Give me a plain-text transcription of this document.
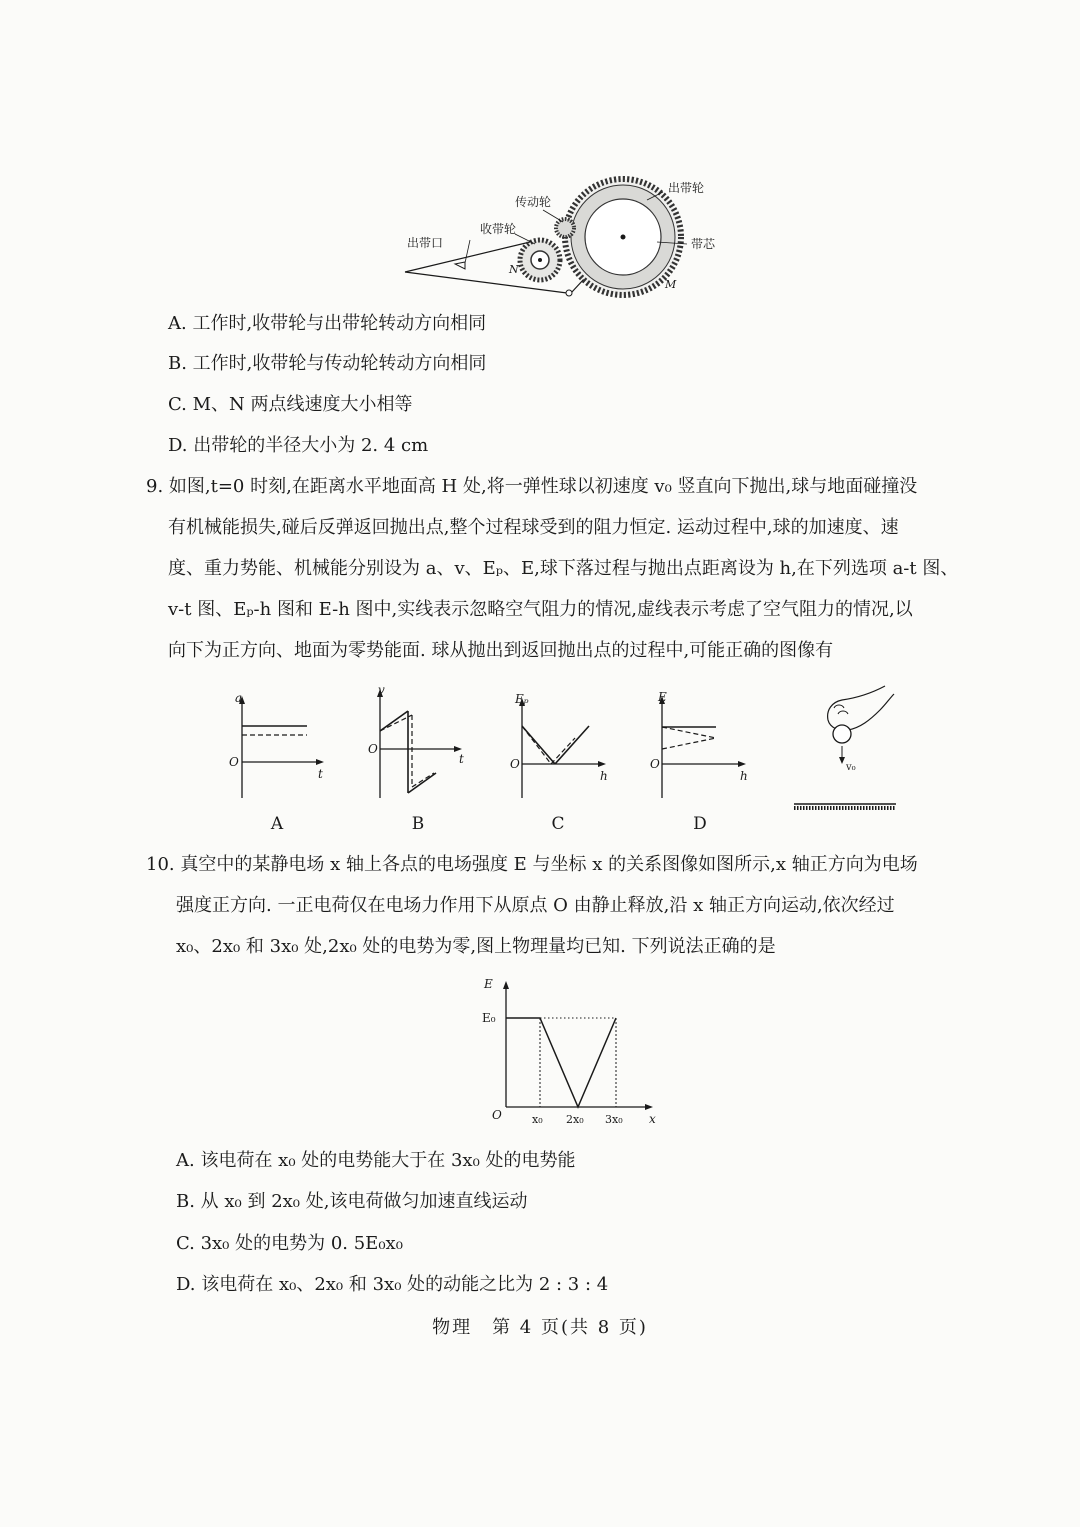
出带轮
传动轮
收带轮
出带口	带芯
N
M
A. 工作时,收带轮与出带轮转动方向相同
B. 工作时,收带轮与传动轮转动方向相同
C. M、N 两点线速度大小相等
D. 出带轮的半径大小为 2. 4 cm
9. 如图,t=0 时刻,在距离水平地面高 H 处,将一弹性球以初速度 v₀ 竖直向下抛出,球与地面碰撞没
有机械能损失,碰后反弹返回抛出点,整个过程球受到的阻力恒定. 运动过程中,球的加速度、速
度、重力势能、机械能分别设为 a、v、Eₚ、E,球下落过程与抛出点距离设为 h,在下列选项 a-t 图、
v-t 图、Eₚ-h 图和 E-h 图中,实线表示忽略空气阻力的情况,虚线表示考虑了空气阻力的情况,以
向下为正方向、地面为零势能面. 球从抛出到返回抛出点的过程中,可能正确的图像有
a
t
O
A
v
t
O
B
Eₚ
h
O
C
E
h
O
D
v₀
10. 真空中的某静电场 x 轴上各点的电场强度 E 与坐标 x 的关系图像如图所示,x 轴正方向为电场
强度正方向. 一正电荷仅在电场力作用下从原点 O 由静止释放,沿 x 轴正方向运动,依次经过
x₀、2x₀ 和 3x₀ 处,2x₀ 处的电势为零,图上物理量均已知. 下列说法正确的是
E
E₀
O	x₀ 2x₀ 3x₀ x
A. 该电荷在 x₀ 处的电势能大于在 3x₀ 处的电势能
B. 从 x₀ 到 2x₀ 处,该电荷做匀加速直线运动
C. 3x₀ 处的电势为 0. 5E₀x₀
D. 该电荷在 x₀、2x₀ 和 3x₀ 处的动能之比为 2 : 3 : 4
物理　第 4 页(共 8 页)
